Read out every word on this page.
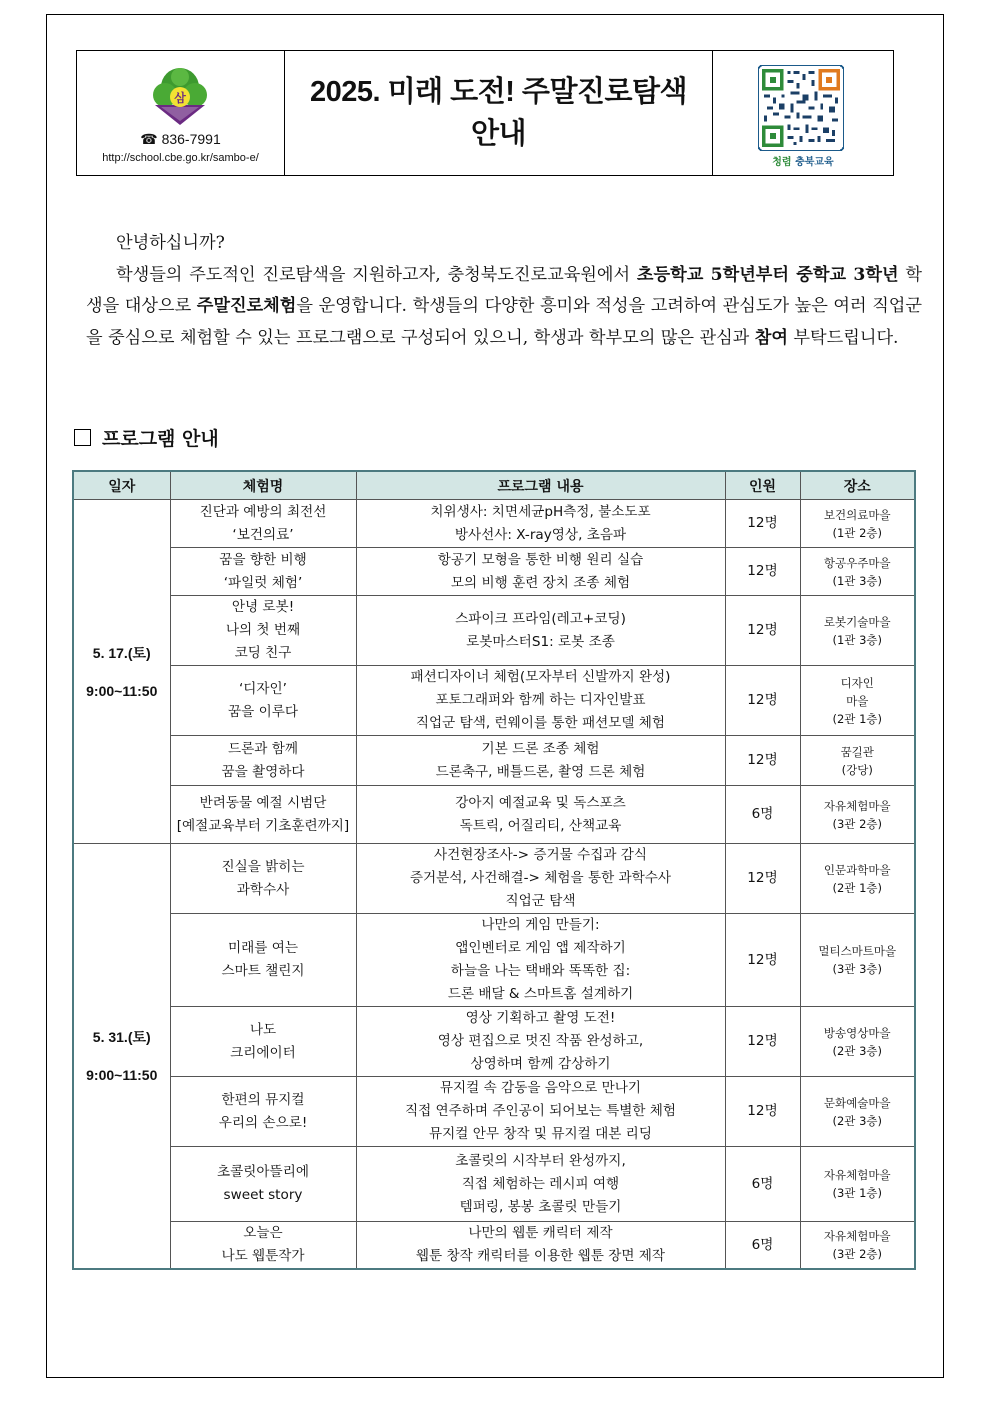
삼
☎ 836-7991
http://school.cbe.go.kr/sambo-e/
2025. 미래 도전! 주말진로탐색
안내
청렴 충북교육

안녕하십니까?

학생들의 주도적인 진로탐색을 지원하고자, 충청북도진로교육원에서 초등학교 5학년부터 중학교 3학년 학생을 대상으로 주말진로체험을 운영합니다. 학생들의 다양한 흥미와 적성을 고려하여 관심도가 높은 여러 직업군을 중심으로 체험할 수 있는 프로그램으로 구성되어 있으니, 학생과 학부모의 많은 관심과 참여 부탁드립니다.

프로그램 안내
일자	체험명	프로그램 내용	인원	장소

5. 17.(토)
9:00~11:50	진단과 예방의 최전선
‘보건의료’	치위생사: 치면세균pH측정, 불소도포
방사선사: X-ray영상, 초음파	12명	보건의료마을
(1관 2층)

	꿈을 향한 비행
‘파일럿 체험’	항공기 모형을 통한 비행 원리 실습
모의 비행 훈련 장치 조종 체험	12명	항공우주마을
(1관 3층)

	안녕 로봇!
나의 첫 번째
코딩 친구	스파이크 프라임(레고+코딩)
로봇마스터S1: 로봇 조종	12명	로봇기술마을
(1관 3층)

	‘디자인’
꿈을 이루다	패션디자이너 체험(모자부터 신발까지 완성)
포토그래퍼와 함께 하는 디자인발표
직업군 탐색, 런웨이를 통한 패션모델 체험	12명	디자인
마을
(2관 1층)

	드론과 함께
꿈을 촬영하다	기본 드론 조종 체험
드론축구, 배틀드론, 촬영 드론 체험	12명	꿈길관
(강당)

	반려동물 예절 시범단
[예절교육부터 기초훈련까지]	강아지 예절교육 및 독스포츠
독트릭, 어질리티, 산책교육	6명	자유체험마을
(3관 2층)

5. 31.(토)
9:00~11:50	진실을 밝히는
과학수사	사건현장조사-> 증거물 수집과 감식
증거분석, 사건해결-> 체험을 통한 과학수사
직업군 탐색	12명	인문과학마을
(2관 1층)

	미래를 여는
스마트 챌린지	나만의 게임 만들기:
앱인벤터로 게임 앱 제작하기
하늘을 나는 택배와 똑똑한 집:
드론 배달 & 스마트홈 설계하기	12명	멀티스마트마을
(3관 3층)

	나도
크리에이터	영상 기획하고 촬영 도전!
영상 편집으로 멋진 작품 완성하고,
상영하며 함께 감상하기	12명	방송영상마을
(2관 3층)

	한편의 뮤지컬
우리의 손으로!	뮤지컬 속 감동을 음악으로 만나기
직접 연주하며 주인공이 되어보는 특별한 체험
뮤지컬 안무 창작 및 뮤지컬 대본 리딩	12명	문화예술마을
(2관 3층)

	초콜릿아뜰리에
sweet story	초콜릿의 시작부터 완성까지,
직접 체험하는 레시피 여행
템퍼링, 봉봉 초콜릿 만들기	6명	자유체험마을
(3관 1층)

	오늘은
나도 웹툰작가	나만의 웹툰 캐릭터 제작
웹툰 창작 캐릭터를 이용한 웹툰 장면 제작	6명	자유체험마을
(3관 2층)
